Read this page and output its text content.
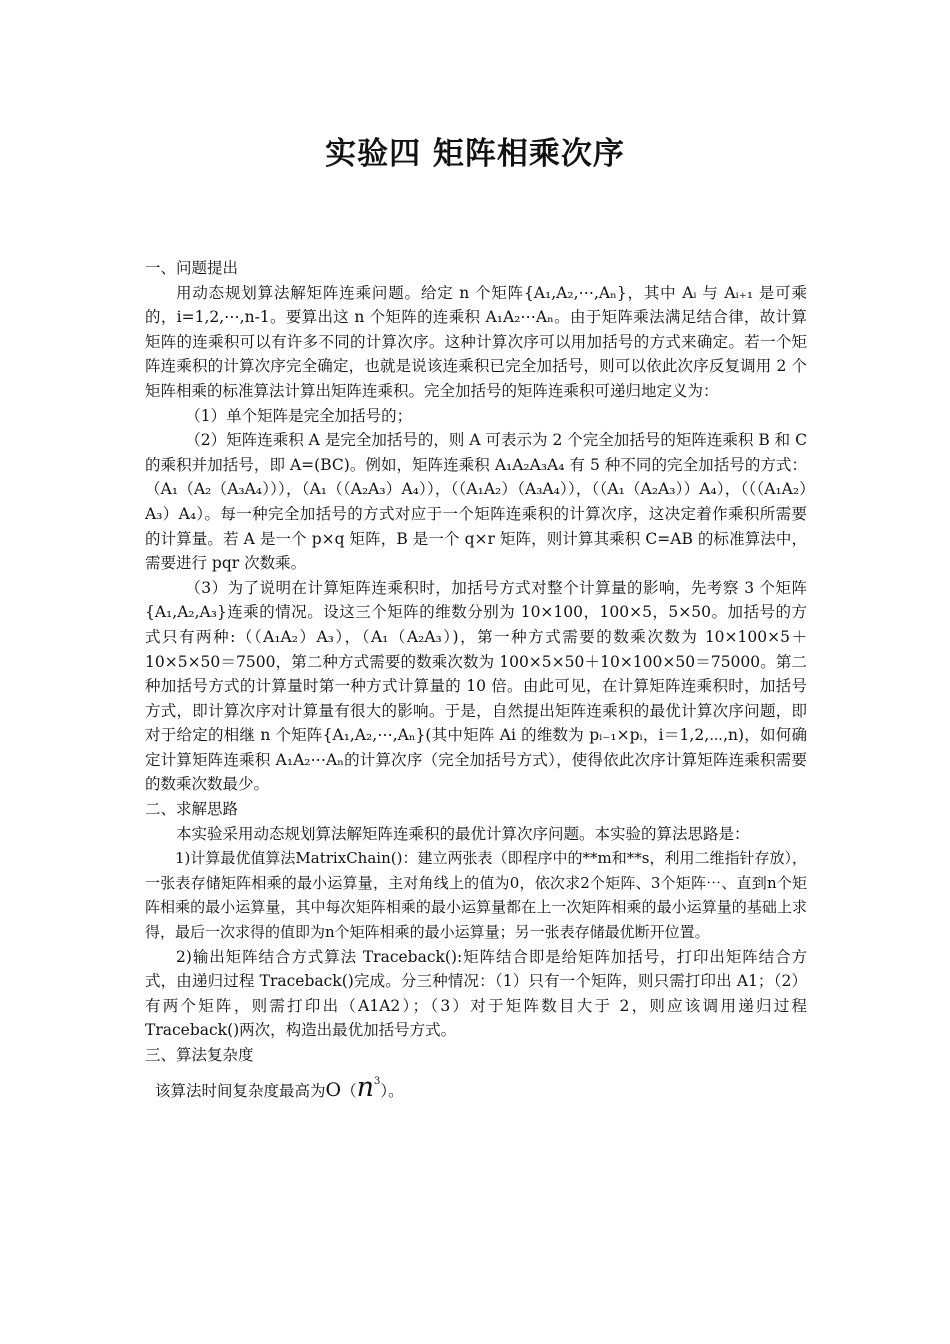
实验四 矩阵相乘次序
一、问题提出
用动态规划算法解矩阵连乘问题。给定 n 个矩阵{A₁,A₂,⋯,Aₙ}，其中 Aᵢ 与 Aᵢ₊₁ 是可乘的，i=1,2,⋯,n-1。要算出这 n 个矩阵的连乘积 A₁A₂⋯Aₙ。由于矩阵乘法满足结合律，故计算矩阵的连乘积可以有许多不同的计算次序。这种计算次序可以用加括号的方式来确定。若一个矩阵连乘积的计算次序完全确定，也就是说该连乘积已完全加括号，则可以依此次序反复调用 2 个矩阵相乘的标准算法计算出矩阵连乘积。完全加括号的矩阵连乘积可递归地定义为：
（1）单个矩阵是完全加括号的；
（2）矩阵连乘积 A 是完全加括号的，则 A 可表示为 2 个完全加括号的矩阵连乘积 B 和 C 的乘积并加括号，即 A=(BC)。例如，矩阵连乘积 A₁A₂A₃A₄ 有 5 种不同的完全加括号的方式：（A₁（A₂（A₃A₄））），（A₁（（A₂A₃）A₄）），（（A₁A₂）（A₃A₄）），（（A₁（A₂A₃））A₄），（（（A₁A₂）A₃）A₄）。每一种完全加括号的方式对应于一个矩阵连乘积的计算次序，这决定着作乘积所需要的计算量。若 A 是一个 p×q 矩阵，B 是一个 q×r 矩阵，则计算其乘积 C=AB 的标准算法中，需要进行 pqr 次数乘。
（3）为了说明在计算矩阵连乘积时，加括号方式对整个计算量的影响，先考察 3 个矩阵{A₁,A₂,A₃}连乘的情况。设这三个矩阵的维数分别为 10×100，100×5，5×50。加括号的方式只有两种:（（A₁A₂）A₃），（A₁（A₂A₃）)，第一种方式需要的数乘次数为 10×100×5＋10×5×50＝7500，第二种方式需要的数乘次数为 100×5×50＋10×100×50＝75000。第二种加括号方式的计算量时第一种方式计算量的 10 倍。由此可见，在计算矩阵连乘积时，加括号方式，即计算次序对计算量有很大的影响。于是，自然提出矩阵连乘积的最优计算次序问题，即对于给定的相继 n 个矩阵{A₁,A₂,⋯,Aₙ}(其中矩阵 Ai 的维数为 pᵢ₋₁×pᵢ，i＝1,2,⋯,n)，如何确定计算矩阵连乘积 A₁A₂⋯Aₙ的计算次序（完全加括号方式），使得依此次序计算矩阵连乘积需要的数乘次数最少。
二、求解思路
本实验采用动态规划算法解矩阵连乘积的最优计算次序问题。本实验的算法思路是：
1)计算最优值算法MatrixChain()：建立两张表（即程序中的**m和**s，利用二维指针存放），一张表存储矩阵相乘的最小运算量，主对角线上的值为0，依次求2个矩阵、3个矩阵⋯、直到n个矩阵相乘的最小运算量，其中每次矩阵相乘的最小运算量都在上一次矩阵相乘的最小运算量的基础上求得，最后一次求得的值即为n个矩阵相乘的最小运算量；另一张表存储最优断开位置。
2)输出矩阵结合方式算法 Traceback():矩阵结合即是给矩阵加括号，打印出矩阵结合方式，由递归过程 Traceback()完成。分三种情况：（1）只有一个矩阵，则只需打印出 A1；（2）有两个矩阵，则需打印出（A1A2）；（3）对于矩阵数目大于 2，则应该调用递归过程 Traceback()两次，构造出最优加括号方式。
三、算法复杂度
该算法时间复杂度最高为$O(n^3)$。
